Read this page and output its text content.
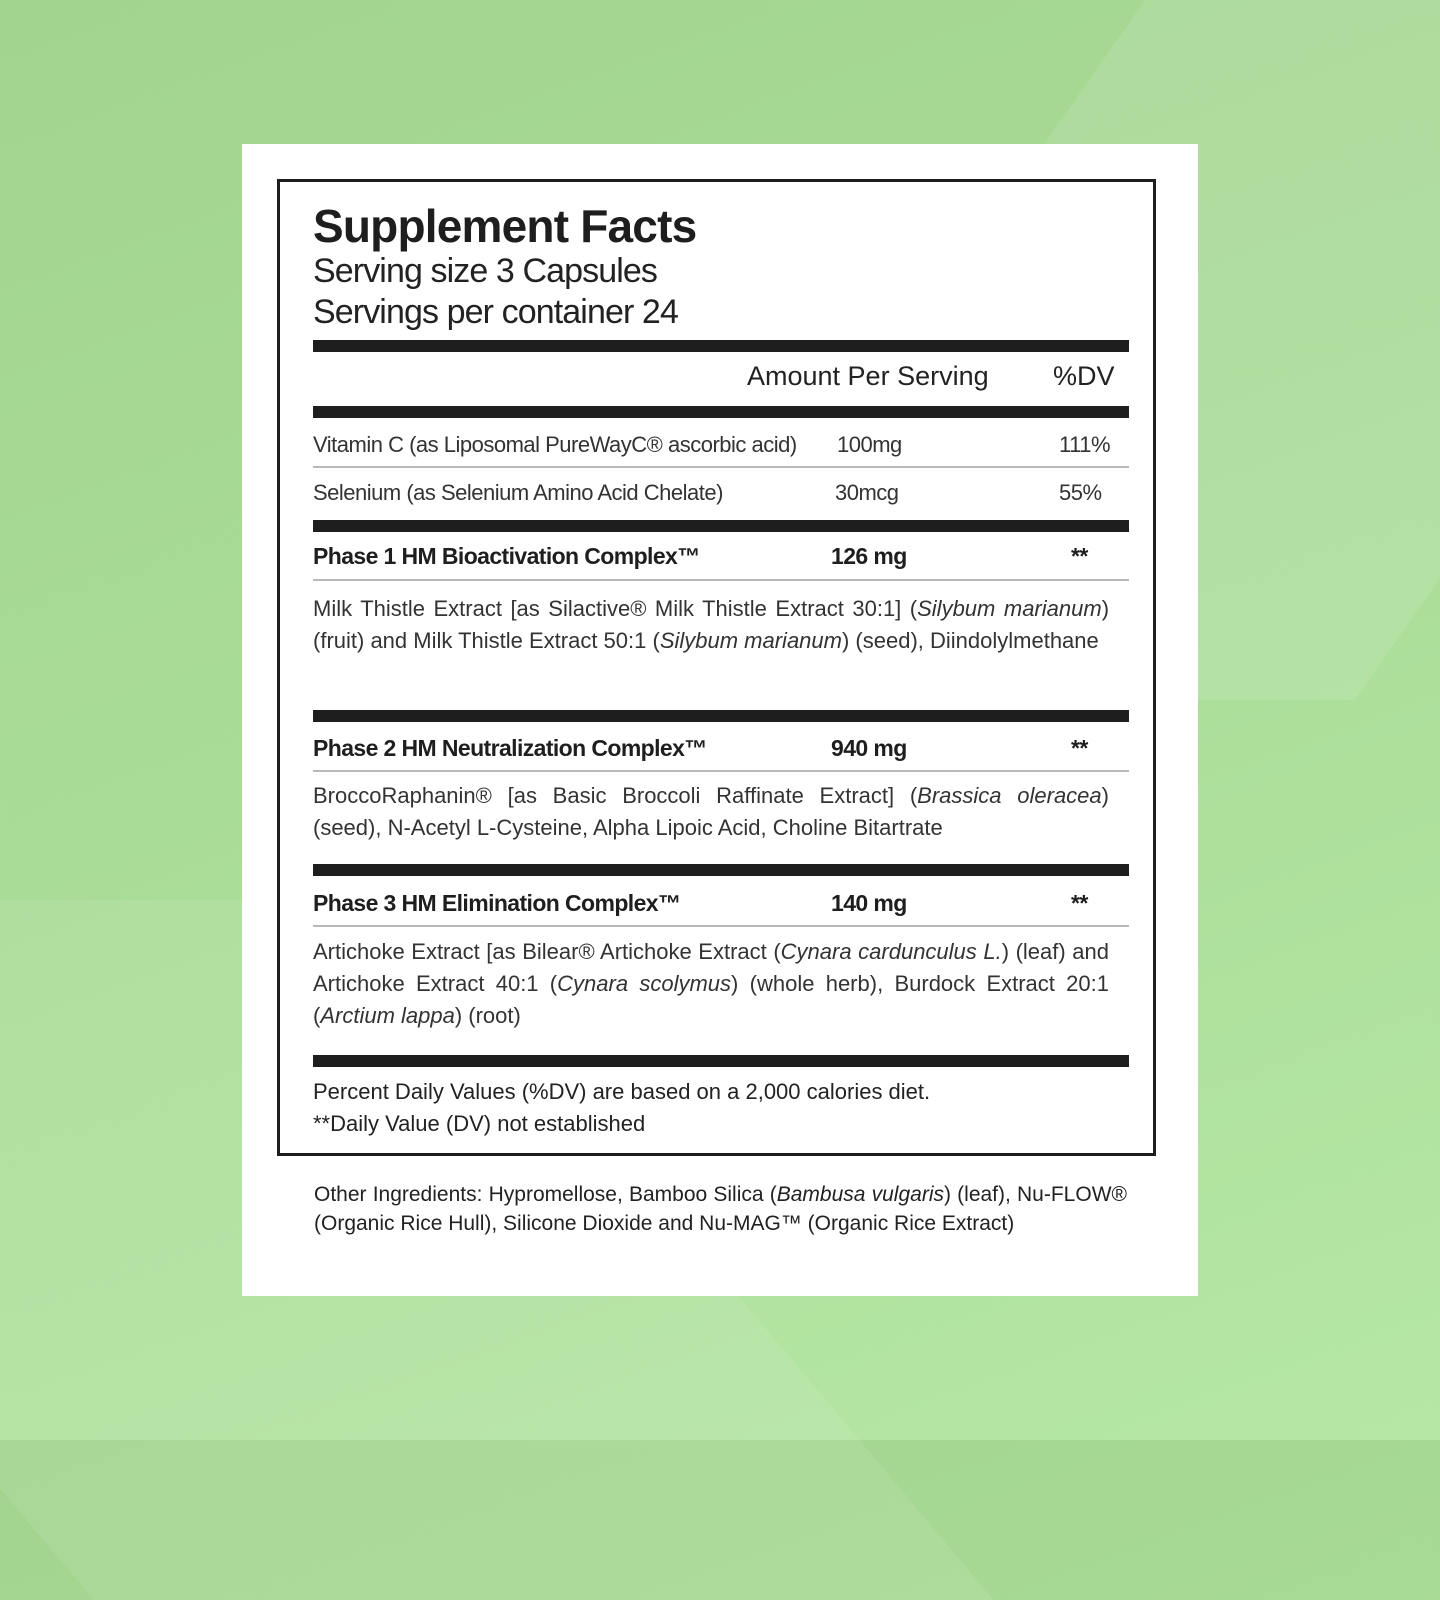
Supplement Facts
Serving size 3 Capsules
Servings per container 24
Amount Per Serving %DV
Vitamin C (as Liposomal PureWayC® ascorbic acid) 100mg	111%
Selenium (as Selenium Amino Acid Chelate)	30mcg	55%
Phase 1 HM Bioactivation Complex™	126 mg	**
Milk Thistle Extract [as Silactive® Milk Thistle Extract 30:1] (Silybum marianum) (fruit) and Milk Thistle Extract 50:1 (Silybum marianum) (seed), Diindolylmethane
Phase 2 HM Neutralization Complex™	940 mg	**
BroccoRaphanin® [as Basic Broccoli Raffinate Extract] (Brassica oleracea) (seed), N-Acetyl L-Cysteine, Alpha Lipoic Acid, Choline Bitartrate
Phase 3 HM Elimination Complex™	140 mg	**
Artichoke Extract [as Bilear® Artichoke Extract (Cynara cardunculus L.) (leaf) and Artichoke Extract 40:1 (Cynara scolymus) (whole herb), Burdock Extract 20:1 (Arctium lappa) (root)
Percent Daily Values (%DV) are based on a 2,000 calories diet.
**Daily Value (DV) not established
Other Ingredients: Hypromellose, Bamboo Silica (Bambusa vulgaris) (leaf), Nu-FLOW® (Organic Rice Hull), Silicone Dioxide and Nu-MAG™ (Organic Rice Extract)
